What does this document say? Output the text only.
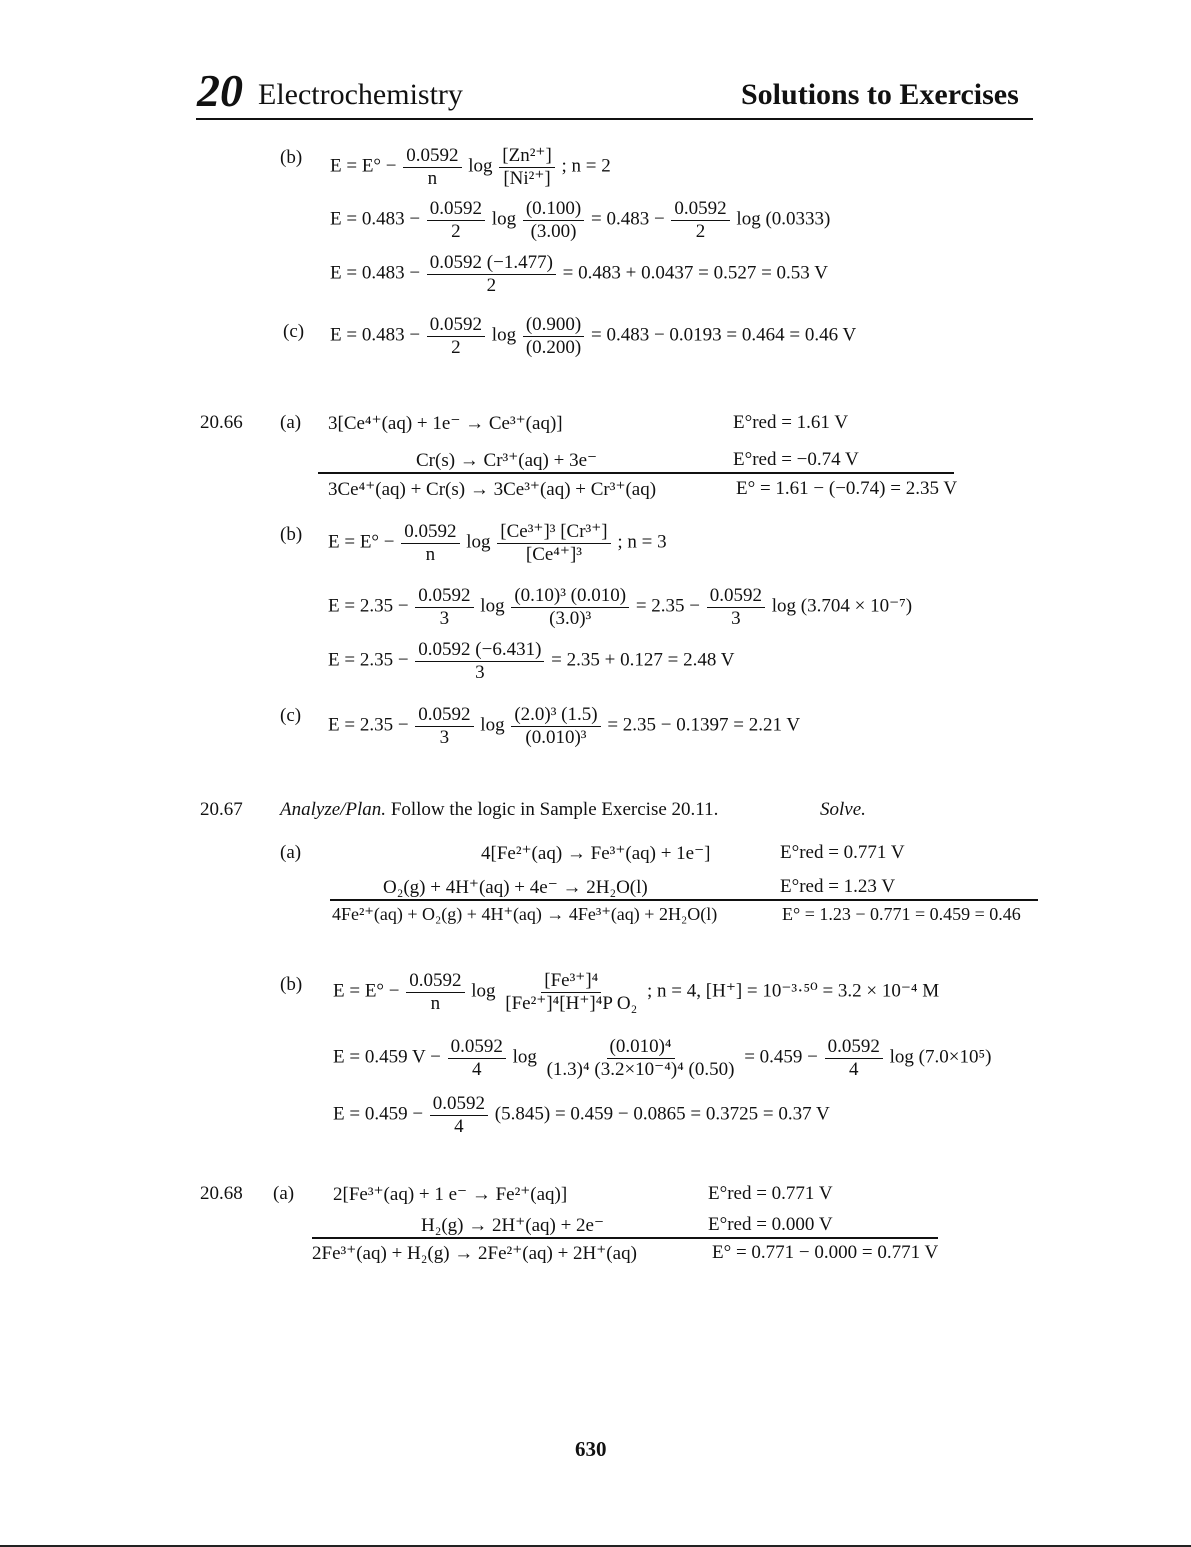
20 Electrochemistry	Solutions to Exercises
(b) $E = E^\circ - \frac{0.0592}{n}$ $\log \frac{\text{[Zn²⁺]}}{\text{[Ni²⁺]}}$ ; n = 2
$E = 0.483 - \frac{0.0592}{2}$ $\log \frac{(0.100)}{(3.00)} = 0.483 - \frac{0.0592}{2}$ log (0.0333)
$E = 0.483 - \frac{0.0592 (-1.477)}{2} = 0.483 + 0.0437 = 0.527 = 0.53$ V
(c) $E = 0.483 - \frac{0.0592}{2}$ $\log \frac{(0.900)}{(0.200)} = 0.483 - 0.0193 = 0.464 = 0.46$ V
20.66 (a) 3[Ce⁴⁺(aq) + 1e⁻ → Ce³⁺(aq)]	E°red = 1.61 V
Cr(s) → Cr³⁺(aq) + 3e⁻	E°red = −0.74 V
3Ce⁴⁺(aq) + Cr(s) → 3Ce³⁺(aq) + Cr³⁺(aq)	E° = 1.61 − (−0.74) = 2.35 V
(b) $E = E^\circ - \frac{0.0592}{n}$ $\log \frac{\text{[Ce³⁺]³ [Cr³⁺]}}{\text{[Ce⁴⁺]³}}$ ; n = 3
$E = 2.35 - \frac{0.0592}{3}$ $\log \frac{\text{(0.10)³ (0.010)}}{\text{(3.0)³}} = 2.35 - \frac{0.0592}{3}$ log (3.704 × 10⁻⁷)
$E = 2.35 - \frac{0.0592 (-6.431)}{3} = 2.35 + 0.127 = 2.48$ V
(c) $E = 2.35 - \frac{0.0592}{3}$ $\log \frac{\text{(2.0)³ (1.5)}}{\text{(0.010)³}} = 2.35 - 0.1397 = 2.21$ V
20.67 Analyze/Plan. Follow the logic in Sample Exercise 20.11.	Solve.
(a)	4[Fe²⁺(aq) → Fe³⁺(aq) + 1e⁻]	E°red = 0.771 V
O₂(g) + 4H⁺(aq) + 4e⁻ → 2H₂O(l)	E°red = 1.23 V
4Fe²⁺(aq) + O₂(g) + 4H⁺(aq) → 4Fe³⁺(aq) + 2H₂O(l)	E° = 1.23 − 0.771 = 0.459 = 0.46
(b) $E = E^\circ - \frac{0.0592}{n}$ $\log \frac{\text{[Fe³⁺]⁴}}{\text{[Fe²⁺]⁴[H⁺]⁴P O₂}}$ ; n = 4, [H⁺] = 10⁻³·⁵⁰ = 3.2 × 10⁻⁴ M
E = 0.459 $V - \frac{0.0592}{4}$ $\log \frac{\text{(0.010)⁴}}{\text{(1.3)⁴ (3.2×10⁻⁴)⁴ (0.50)}} = 0.459 - \frac{0.0592}{4}$ log (7.0×10⁵)
$E = 0.459 - \frac{0.0592}{4} (5.845) = 0.459 - 0.0865 = 0.3725 = 0.37$ V
20.68 (a) 2[Fe³⁺(aq) + 1 e⁻ → Fe²⁺(aq)]	E°red = 0.771 V
H₂(g) → 2H⁺(aq) + 2e⁻	E°red = 0.000 V
2Fe³⁺(aq) + H₂(g) → 2Fe²⁺(aq) + 2H⁺(aq)	E° = 0.771 − 0.000 = 0.771 V
630
